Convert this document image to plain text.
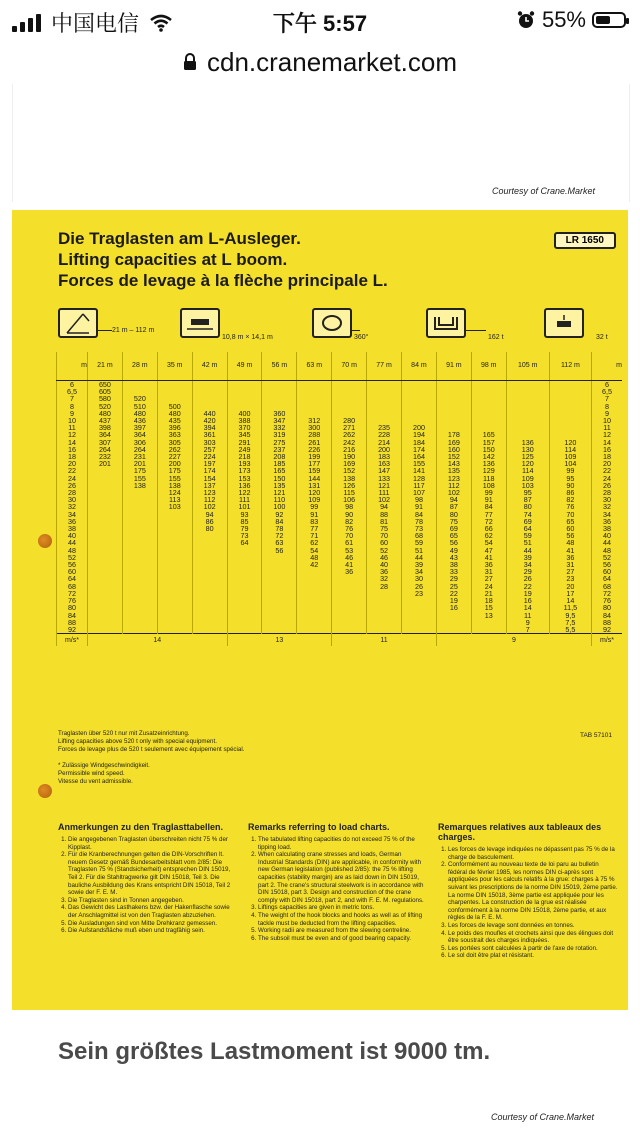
中国电信	下午 5:57	55%
cdn.cranemarket.com
Courtesy of Crane.Market
Die Traglasten am L-Ausleger.
Lifting capacities at L boom.
Forces de levage à la flèche principale L.
LR 1650
21 m – 112 m
10,8 m × 14,1 m	360°	162 t	32 t
m	21 m	28 m	35 m	42 m	49 m	56 m	63 m	70 m	77 m	84 m	91 m	98 m	105 m	112 m	m
6	650														6
6,5	605														6,5
7	580	520													7
8	520	510	500												8
9	480	480	480	440	400	360									9
10	437	436	435	420	388	347	312	280							10
11	398	397	396	394	370	332	300	271	235	200					11
12	364	364	363	361	345	319	288	262	228	194	178	165			12
14	307	306	305	303	291	275	261	242	214	184	169	157	136	120	14
16	264	264	262	257	249	237	226	216	200	174	160	150	130	114	16
18	232	231	227	224	218	208	199	190	183	164	152	142	125	109	18
20	201	201	200	197	193	185	177	169	163	155	143	136	120	104	20
22		175	175	174	173	165	159	152	147	141	135	129	114	99	22
24		155	155	154	153	150	144	138	133	128	123	118	109	95	24
26		138	138	137	136	135	131	126	121	117	112	108	103	90	26
28			124	123	122	121	120	115	111	107	102	99	95	86	28
30			113	112	111	110	109	106	102	98	94	91	87	82	30
32			103	102	101	100	99	98	94	91	87	84	80	76	32
34				94	93	92	91	90	88	84	80	77	74	70	34
36				86	85	84	83	82	81	78	75	72	69	65	36
38				80	79	78	77	76	75	73	69	66	64	60	38
40					73	72	71	70	70	68	65	62	59	56	40
44					64	63	62	61	60	59	56	54	51	48	44
48						56	54	53	52	51	49	47	44	41	48
52							48	46	46	44	43	41	39	36	52
56							42	41	40	39	38	36	34	31	56
60								36	36	34	33	31	29	27	60
64									32	30	29	27	26	23	64
68									28	26	25	24	22	20	68
72										23	22	21	19	17	72
76											19	18	16	14	76
80											16	15	14	11,5	80
84												13	11	9,5	84
88													9	7,5	88
92													7	5,5	92
m/s*	14				13			11			9				m/s*
Traglasten über 520 t nur mit Zusatzeinrichtung.
Lifting capacities above 520 t only with special equipment.
Forces de levage plus de 520 t seulement avec équipement spécial.

* Zulässige Windgeschwindigkeit.
Permissible wind speed.
Vitesse du vent admissible.
TAB 57101
Anmerkungen zu den Traglasttabellen.
1. Die angegebenen Traglasten überschreiten nicht 75 % der Kipplast.
2. Für die Kranberechnungen gelten die DIN-Vorschriften lt. neuem Gesetz gemäß Bundesarbeitsblatt vom 2/85: Die Traglasten 75 % (Standsicherheit) entsprechen DIN 15019, Teil 2. Für die Stahltragwerke gilt DIN 15018, Teil 3. Die bauliche Ausbildung des Krans entspricht DIN 15018, Teil 2 sowie der F. E. M.
3. Die Traglasten sind in Tonnen angegeben.
4. Das Gewicht des Lasthakens bzw. der Hakenflasche sowie der Anschlagmittel ist von den Traglasten abzuziehen.
5. Die Ausladungen sind von Mitte Drehkranz gemessen.
6. Die Aufstandsfläche muß eben und tragfähig sein.
Remarks referring to load charts.
1. The tabulated lifting capacities do not exceed 75 % of the tipping load.
2. When calculating crane stresses and loads, German Industrial Standards (DIN) are applicable, in conformity with new German legislation (published 2/85): the 75 % lifting capacities (stability margin) are as laid down in DIN 15019, part 2. The crane's structural steelwork is in accordance with DIN 15018, part 3. Design and construction of the crane comply with DIN 15018, part 2, and with F. E. M. regulations.
3. Liftings capacities are given in metric tons.
4. The weight of the hook blocks and hooks as well as of lifting tackle must be deducted from the lifting capacities.
5. Working radii are measured from the slewing centreline.
6. The subsoil must be even and of good bearing capacity.
Remarques relatives aux tableaux des charges.
1. Les forces de levage indiquées ne dépassent pas 75 % de la charge de basculement.
2. Conformément au nouveau texte de loi paru au bulletin fédéral de février 1985, les normes DIN ci-après sont appliquées pour les calculs relatifs à la grue: charges à 75 % suivant les prescriptions de la norme DIN 15019, 2ème partie. La norme DIN 15018, 3ème partie est appliquée pour les charpentes. La construction de la grue est réalisée conformément à la norme DIN 15018, 2ème partie, et aux règles de la F. E. M.
3. Les forces de levage sont données en tonnes.
4. Le poids des moufles et crochets ainsi que des élingues doit être soustrait des charges indiquées.
5. Les portées sont calculées à partir de l'axe de rotation.
6. Le sol doit être plat et résistant.
Sein größtes Lastmoment ist 9000 tm.
Courtesy of Crane.Market
